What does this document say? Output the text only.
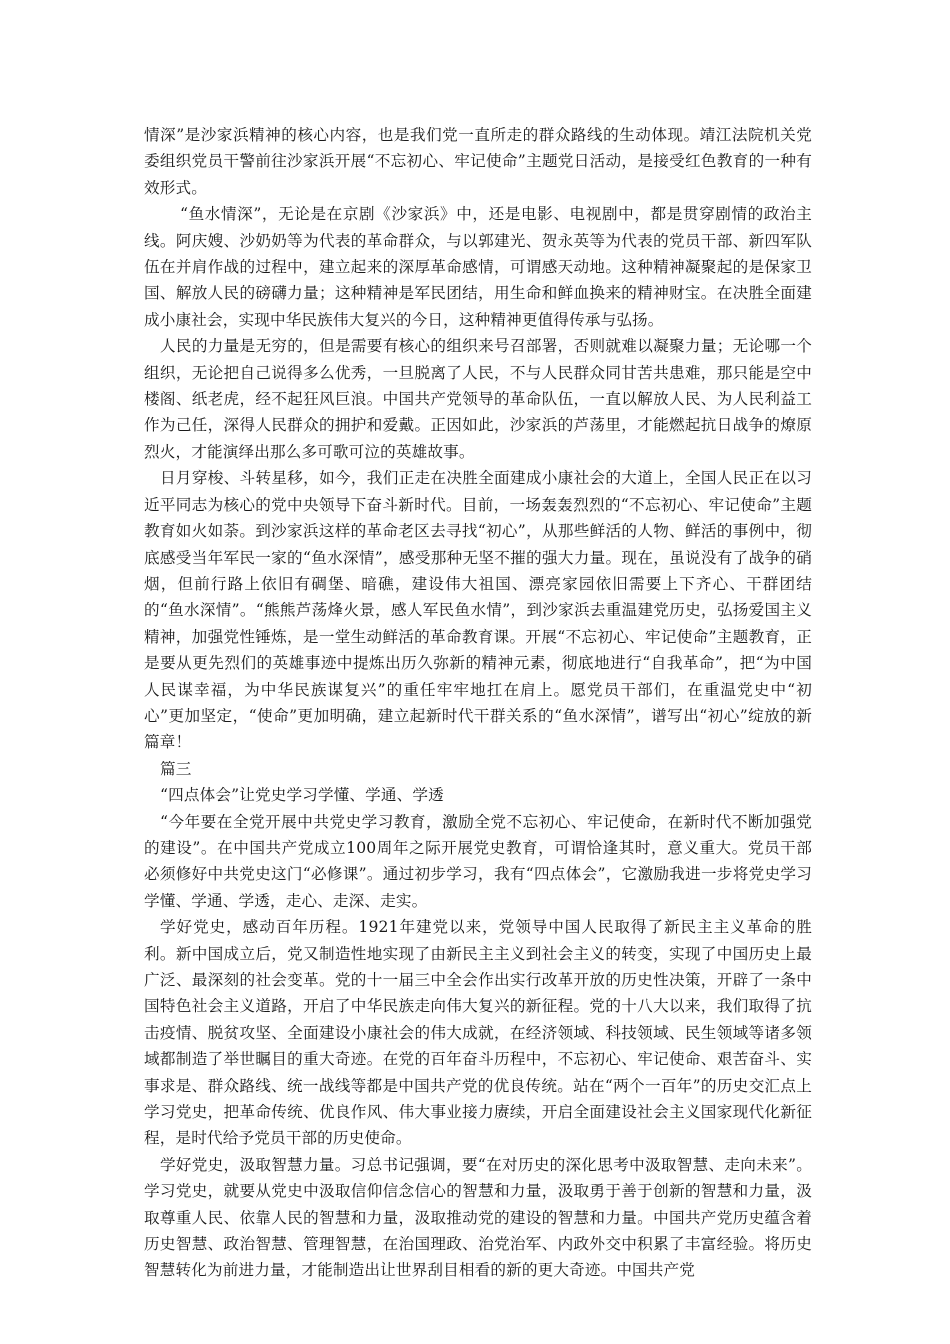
情深”是沙家浜精神的核心内容，也是我们党一直所走的群众路线的生动体现。靖江法院机关党委组织党员干警前往沙家浜开展“不忘初心、牢记使命”主题党日活动，是接受红色教育的一种有效形式。

“鱼水情深”，无论是在京剧《沙家浜》中，还是电影、电视剧中，都是贯穿剧情的政治主线。阿庆嫂、沙奶奶等为代表的革命群众，与以郭建光、贺永英等为代表的党员干部、新四军队伍在并肩作战的过程中，建立起来的深厚革命感情，可谓感天动地。这种精神凝聚起的是保家卫国、解放人民的磅礴力量；这种精神是军民团结，用生命和鲜血换来的精神财宝。在决胜全面建成小康社会，实现中华民族伟大复兴的今日，这种精神更值得传承与弘扬。

人民的力量是无穷的，但是需要有核心的组织来号召部署，否则就难以凝聚力量；无论哪一个组织，无论把自己说得多么优秀，一旦脱离了人民，不与人民群众同甘苦共患难，那只能是空中楼阁、纸老虎，经不起狂风巨浪。中国共产党领导的革命队伍，一直以解放人民、为人民利益工作为己任，深得人民群众的拥护和爱戴。正因如此，沙家浜的芦荡里，才能燃起抗日战争的燎原烈火，才能演绎出那么多可歌可泣的英雄故事。

日月穿梭、斗转星移，如今，我们正走在决胜全面建成小康社会的大道上，全国人民正在以习近平同志为核心的党中央领导下奋斗新时代。目前，一场轰轰烈烈的“不忘初心、牢记使命”主题教育如火如荼。到沙家浜这样的革命老区去寻找“初心”，从那些鲜活的人物、鲜活的事例中，彻底感受当年军民一家的“鱼水深情”，感受那种无坚不摧的强大力量。现在，虽说没有了战争的硝烟，但前行路上依旧有碉堡、暗礁，建设伟大祖国、漂亮家园依旧需要上下齐心、干群团结的“鱼水深情”。“熊熊芦荡烽火景，感人军民鱼水情”，到沙家浜去重温建党历史，弘扬爱国主义精神，加强党性锤炼，是一堂生动鲜活的革命教育课。开展“不忘初心、牢记使命”主题教育，正是要从更先烈们的英雄事迹中提炼出历久弥新的精神元素，彻底地进行“自我革命”，把“为中国人民谋幸福，为中华民族谋复兴”的重任牢牢地扛在肩上。愿党员干部们，在重温党史中“初心”更加坚定，“使命”更加明确，建立起新时代干群关系的“鱼水深情”，谱写出“初心”绽放的新篇章！

篇三

“四点体会”让党史学习学懂、学通、学透

“今年要在全党开展中共党史学习教育，激励全党不忘初心、牢记使命，在新时代不断加强党的建设”。在中国共产党成立100周年之际开展党史教育，可谓恰逢其时，意义重大。党员干部必须修好中共党史这门“必修课”。通过初步学习，我有“四点体会”，它激励我进一步将党史学习学懂、学通、学透，走心、走深、走实。

学好党史，感动百年历程。1921年建党以来，党领导中国人民取得了新民主主义革命的胜利。新中国成立后，党又制造性地实现了由新民主主义到社会主义的转变，实现了中国历史上最广泛、最深刻的社会变革。党的十一届三中全会作出实行改革开放的历史性决策，开辟了一条中国特色社会主义道路，开启了中华民族走向伟大复兴的新征程。党的十八大以来，我们取得了抗击疫情、脱贫攻坚、全面建设小康社会的伟大成就，在经济领域、科技领域、民生领域等诸多领域都制造了举世瞩目的重大奇迹。在党的百年奋斗历程中，不忘初心、牢记使命、艰苦奋斗、实事求是、群众路线、统一战线等都是中国共产党的优良传统。站在“两个一百年”的历史交汇点上学习党史，把革命传统、优良作风、伟大事业接力赓续，开启全面建设社会主义国家现代化新征程，是时代给予党员干部的历史使命。

学好党史，汲取智慧力量。习总书记强调，要“在对历史的深化思考中汲取智慧、走向未来”。学习党史，就要从党史中汲取信仰信念信心的智慧和力量，汲取勇于善于创新的智慧和力量，汲取尊重人民、依靠人民的智慧和力量，汲取推动党的建设的智慧和力量。中国共产党历史蕴含着历史智慧、政治智慧、管理智慧，在治国理政、治党治军、内政外交中积累了丰富经验。将历史智慧转化为前进力量，才能制造出让世界刮目相看的新的更大奇迹。中国共产党
